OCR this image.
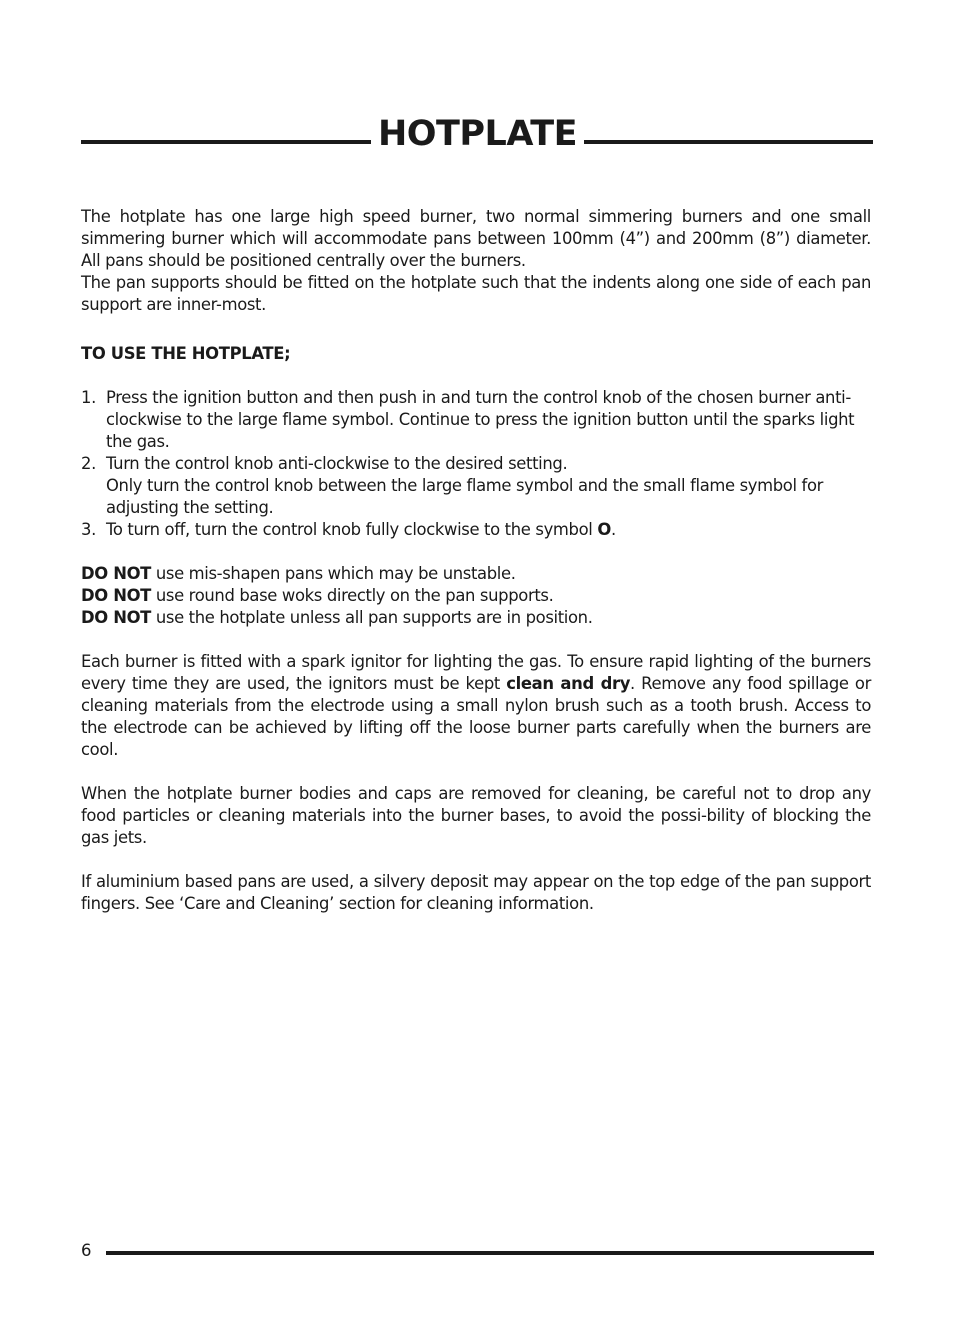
HOTPLATE

The hotplate has one large high speed burner, two normal simmering burners and one small simmering burner which will accommodate pans between 100mm (4”) and 200mm (8”) diameter. All pans should be positioned centrally over the burners.

The pan supports should be fitted on the hotplate such that the indents along one side of each pan support are inner-most.

TO USE THE HOTPLATE;

1. Press the ignition button and then push in and turn the control knob of the chosen burner anti-clockwise to the large flame symbol. Continue to press the ignition button until the sparks light the gas.
2. Turn the control knob anti-clockwise to the desired setting.
Only turn the control knob between the large flame symbol and the small flame symbol for adjusting the setting.
3. To turn off, turn the control knob fully clockwise to the symbol O.

DO NOT use mis-shapen pans which may be unstable.

DO NOT use round base woks directly on the pan supports.

DO NOT use the hotplate unless all pan supports are in position.

Each burner is fitted with a spark ignitor for lighting the gas. To ensure rapid lighting of the burners every time they are used, the ignitors must be kept clean and dry. Remove any food spillage or cleaning materials from the electrode using a small nylon brush such as a tooth brush. Access to the electrode can be achieved by lifting off the loose burner parts carefully when the burners are cool.

When the hotplate burner bodies and caps are removed for cleaning, be careful not to drop any food particles or cleaning materials into the burner bases, to avoid the possi-bility of blocking the gas jets.

If aluminium based pans are used, a silvery deposit may appear on the top edge of the pan support fingers. See ‘Care and Cleaning’ section for cleaning information.

6
